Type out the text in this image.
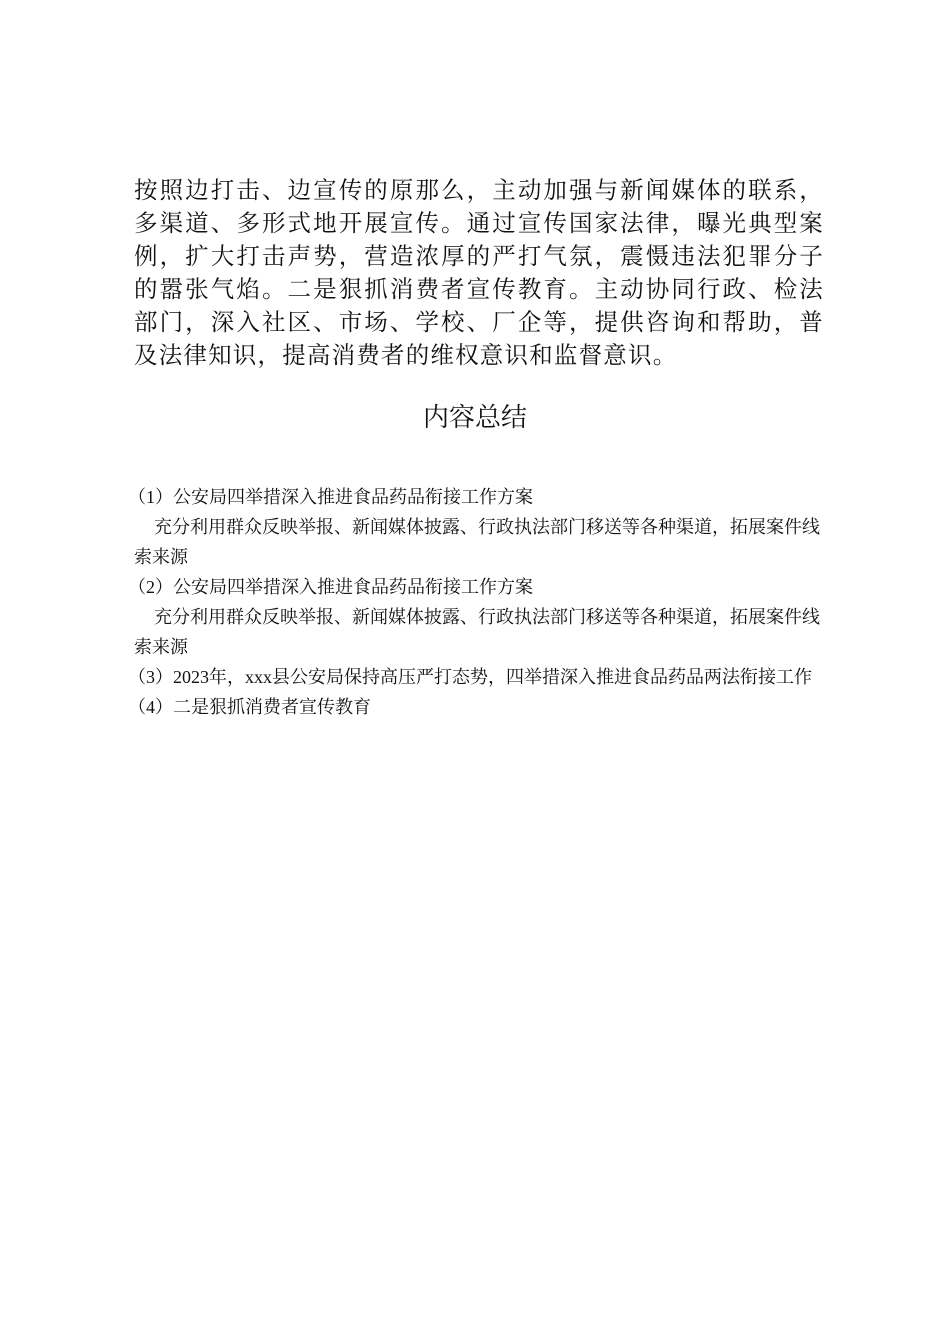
按照边打击、边宣传的原那么，主动加强与新闻媒体的联系，多渠道、多形式地开展宣传。通过宣传国家法律，曝光典型案例，扩大打击声势，营造浓厚的严打气氛，震慑违法犯罪分子的嚣张气焰。二是狠抓消费者宣传教育。主动协同行政、检法部门，深入社区、市场、学校、厂企等，提供咨询和帮助，普及法律知识，提高消费者的维权意识和监督意识。

内容总结
（1）公安局四举措深入推进食品药品衔接工作方案
充分利用群众反映举报、新闻媒体披露、行政执法部门移送等各种渠道，拓展案件线索来源
（2）公安局四举措深入推进食品药品衔接工作方案
充分利用群众反映举报、新闻媒体披露、行政执法部门移送等各种渠道，拓展案件线索来源
（3）2023年，xxx县公安局保持高压严打态势，四举措深入推进食品药品两法衔接工作
（4）二是狠抓消费者宣传教育
